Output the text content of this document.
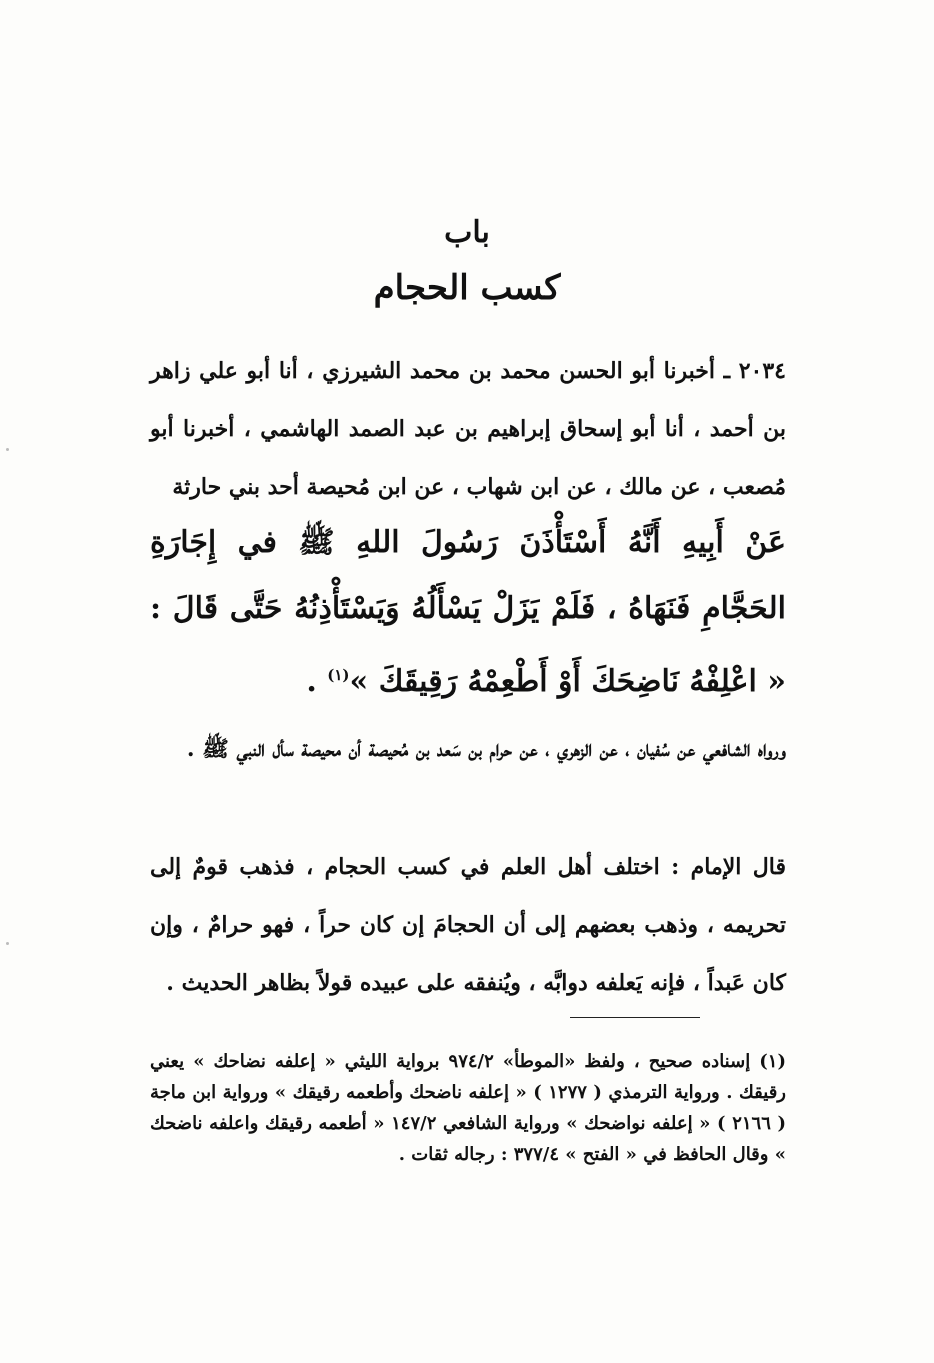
باب
كسب الحجام
٢٠٣٤ ـ أخبرنا أبو الحسن محمد بن محمد الشيرزي ، أنا أبو علي زاهر بن أحمد ، أنا أبو إسحاق إبراهيم بن عبد الصمد الهاشمي ، أخبرنا أبو مُصعب ، عن مالك ، عن ابن شهاب ، عن ابن مُحيصة أحد بني حارثة
عَنْ أَبِيهِ أَنَّهُ أَسْتَأْذَنَ رَسُولَ اللهِ ﷺ في إِجَارَةِ الحَجَّامِ فَنَهَاهُ ، فَلَمْ يَزَلْ يَسْأَلُهُ وَيَسْتَأْذِنُهُ حَتَّى قَالَ : « اعْلِفْهُ نَاضِحَكَ أَوْ أَطْعِمْهُ رَقِيقَكَ »$^{(١)}$ .
ورواه الشافعي عن سُفيان ، عن الزهري ، عن حرام بن سَعد بن مُحيصة أن محيصة سأل النبي ﷺ .
قال الإمام : اختلف أهل العلم في كسب الحجام ، فذهب قومٌ إلى تحريمه ، وذهب بعضهم إلى أن الحجامَ إن كان حراً ، فهو حرامٌ ، وإن كان عَبداً ، فإنه يَعلفه دوابَّه ، ويُنفقه على عبيده قولاً بظاهر الحديث .
(١) إسناده صحيح ، ولفظ «الموطأ» ٩٧٤/٢ برواية الليثي « إعلفه نضاحك » يعني رقيقك . ورواية الترمذي ( ١٢٧٧ ) « إعلفه ناضحك وأطعمه رقيقك » ورواية ابن ماجة ( ٢١٦٦ ) « إعلفه نواضحك » ورواية الشافعي ١٤٧/٢ « أطعمه رقيقك واعلفه ناضحك » وقال الحافظ في « الفتح » ٣٧٧/٤ : رجاله ثقات .
